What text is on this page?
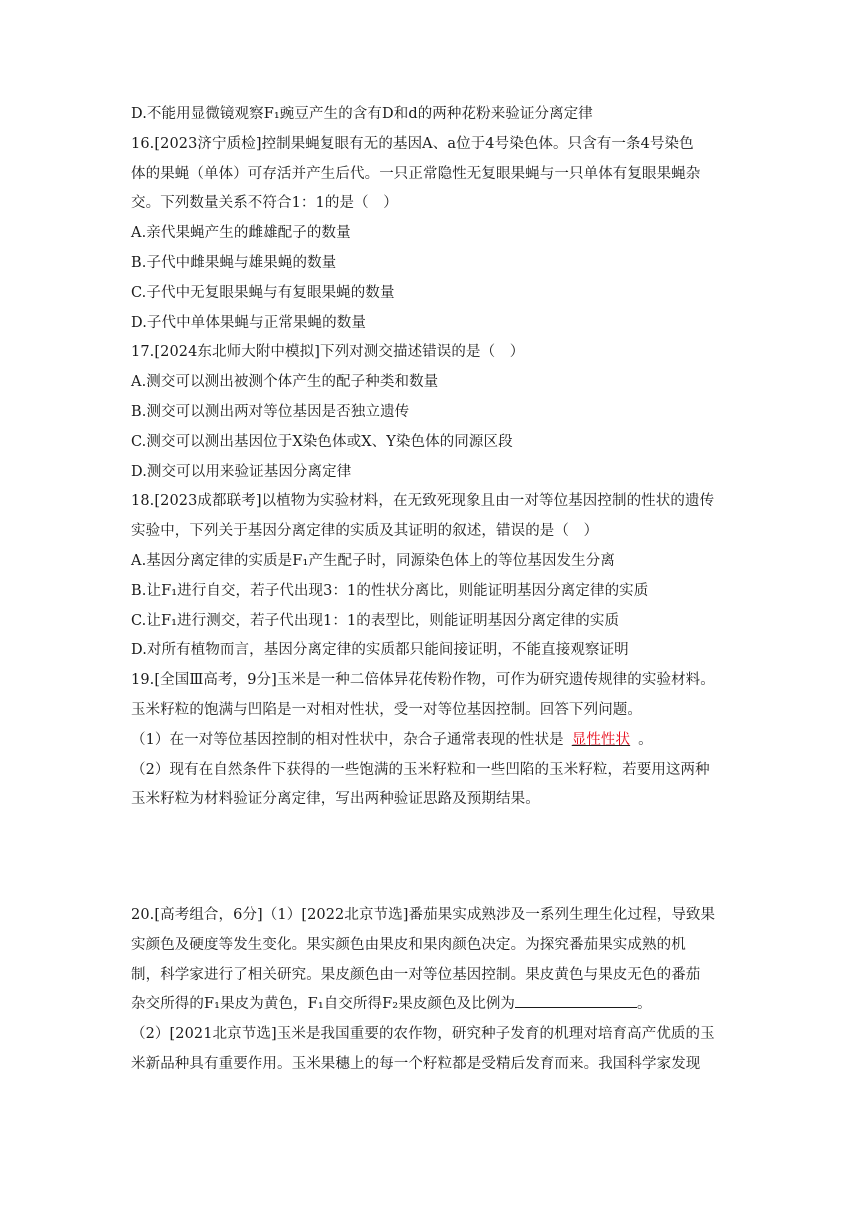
D.不能用显微镜观察F₁豌豆产生的含有D和d的两种花粉来验证分离定律
16.[2023济宁质检]控制果蝇复眼有无的基因A、a位于4号染色体。只含有一条4号染色
体的果蝇（单体）可存活并产生后代。一只正常隐性无复眼果蝇与一只单体有复眼果蝇杂
交。下列数量关系不符合1：1的是（　）
A.亲代果蝇产生的雌雄配子的数量
B.子代中雌果蝇与雄果蝇的数量
C.子代中无复眼果蝇与有复眼果蝇的数量
D.子代中单体果蝇与正常果蝇的数量
17.[2024东北师大附中模拟]下列对测交描述错误的是（　）
A.测交可以测出被测个体产生的配子种类和数量
B.测交可以测出两对等位基因是否独立遗传
C.测交可以测出基因位于X染色体或X、Y染色体的同源区段
D.测交可以用来验证基因分离定律
18.[2023成都联考]以植物为实验材料，在无致死现象且由一对等位基因控制的性状的遗传
实验中，下列关于基因分离定律的实质及其证明的叙述，错误的是（　）
A.基因分离定律的实质是F₁产生配子时，同源染色体上的等位基因发生分离
B.让F₁进行自交，若子代出现3：1的性状分离比，则能证明基因分离定律的实质
C.让F₁进行测交，若子代出现1：1的表型比，则能证明基因分离定律的实质
D.对所有植物而言，基因分离定律的实质都只能间接证明，不能直接观察证明
19.[全国Ⅲ高考，9分]玉米是一种二倍体异花传粉作物，可作为研究遗传规律的实验材料。
玉米籽粒的饱满与凹陷是一对相对性状，受一对等位基因控制。回答下列问题。
（1）在一对等位基因控制的相对性状中，杂合子通常表现的性状是 显性性状 。
（2）现有在自然条件下获得的一些饱满的玉米籽粒和一些凹陷的玉米籽粒，若要用这两种
玉米籽粒为材料验证分离定律，写出两种验证思路及预期结果。
20.[高考组合，6分]（1）[2022北京节选]番茄果实成熟涉及一系列生理生化过程，导致果
实颜色及硬度等发生变化。果实颜色由果皮和果肉颜色决定。为探究番茄果实成熟的机
制，科学家进行了相关研究。果皮颜色由一对等位基因控制。果皮黄色与果皮无色的番茄
杂交所得的F₁果皮为黄色，F₁自交所得F₂果皮颜色及比例为	。
（2）[2021北京节选]玉米是我国重要的农作物，研究种子发育的机理对培育高产优质的玉
米新品种具有重要作用。玉米果穗上的每一个籽粒都是受精后发育而来。我国科学家发现
